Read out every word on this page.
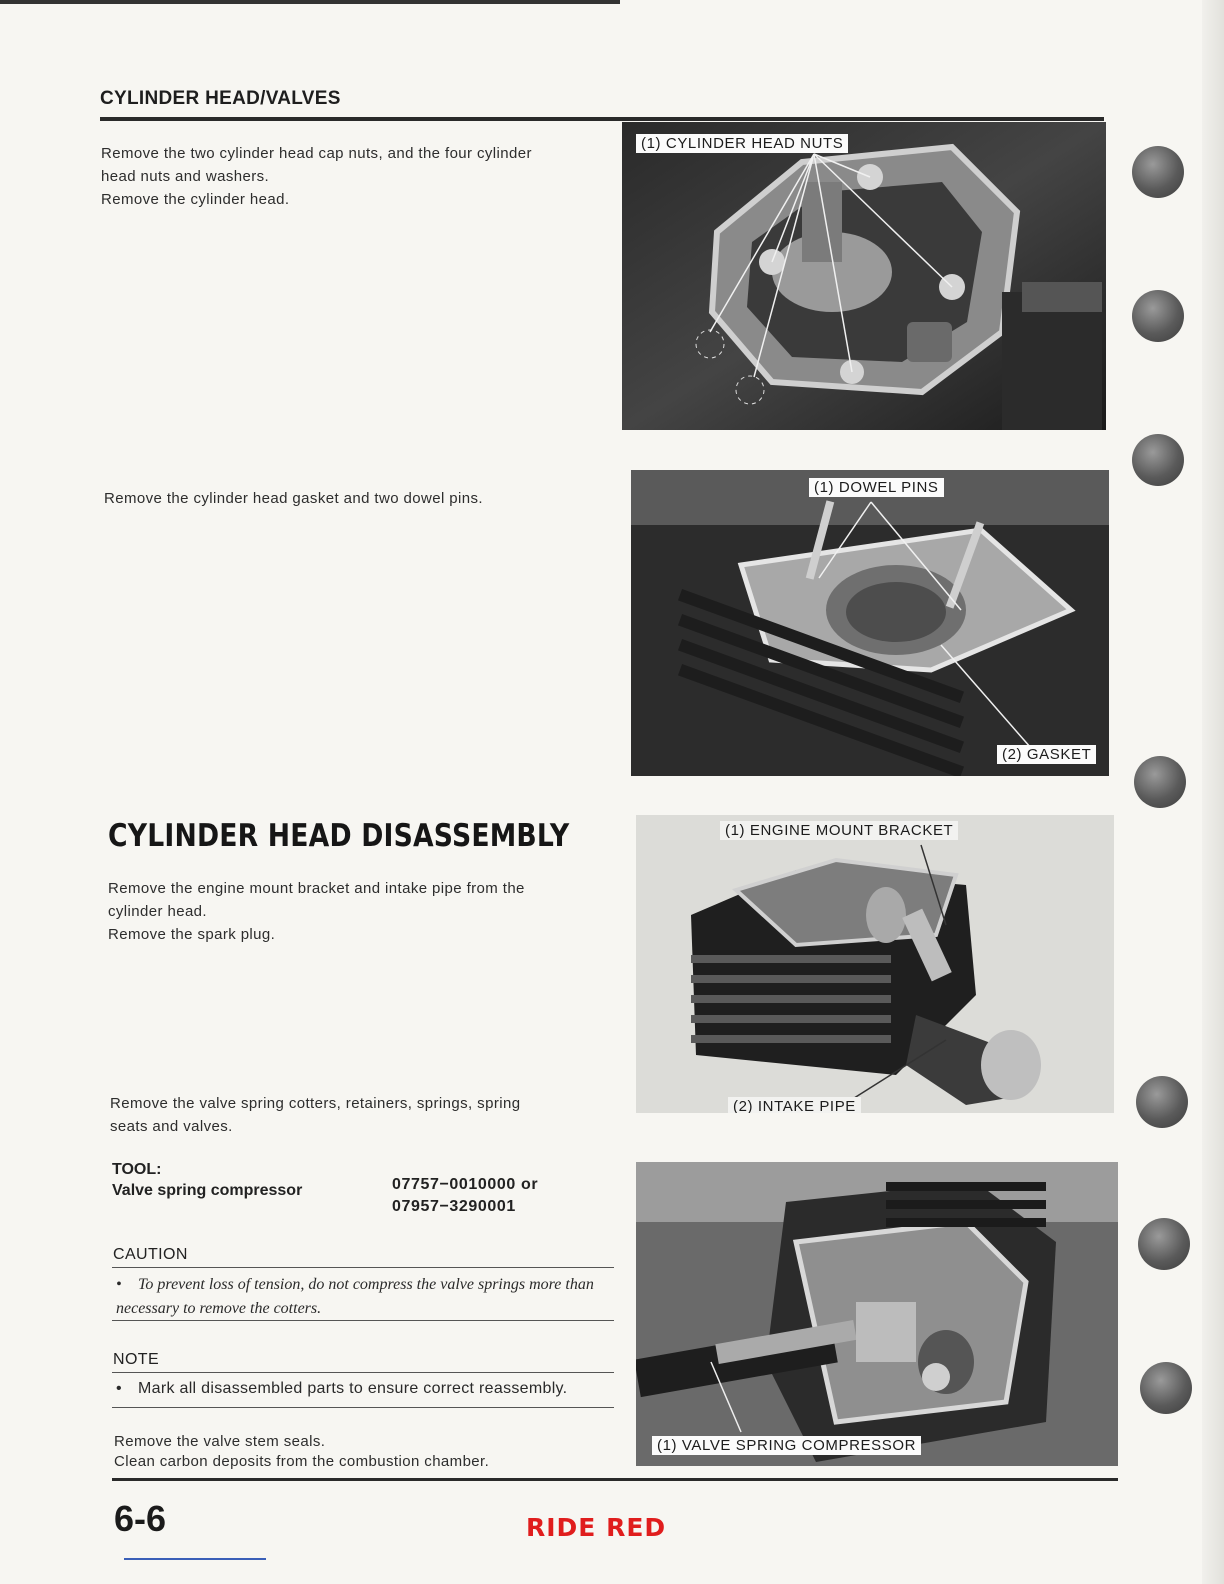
CYLINDER HEAD/VALVES

Remove the two cylinder head cap nuts, and the four cylinder

head nuts and washers.

Remove the cylinder head.

Remove the cylinder head gasket and two dowel pins.

CYLINDER HEAD DISASSEMBLY

Remove the engine mount bracket and intake pipe from the

cylinder head.

Remove the spark plug.

Remove the valve spring cotters, retainers, springs, spring

seats and valves.

TOOL:
Valve spring compressor	07757−0010000 or
07957−3290001
CAUTION
• To prevent loss of tension, do not compress the valve springs more than necessary to remove the cotters.
NOTE
• Mark all disassembled parts to ensure correct reassembly.

Remove the valve stem seals.

Clean carbon deposits from the combustion chamber.

(1) CYLINDER HEAD NUTS
(1) DOWEL PINS
(2) GASKET
(1) ENGINE MOUNT BRACKET
(2) INTAKE PIPE
(1) VALVE SPRING COMPRESSOR
6-6	RIDE RED
